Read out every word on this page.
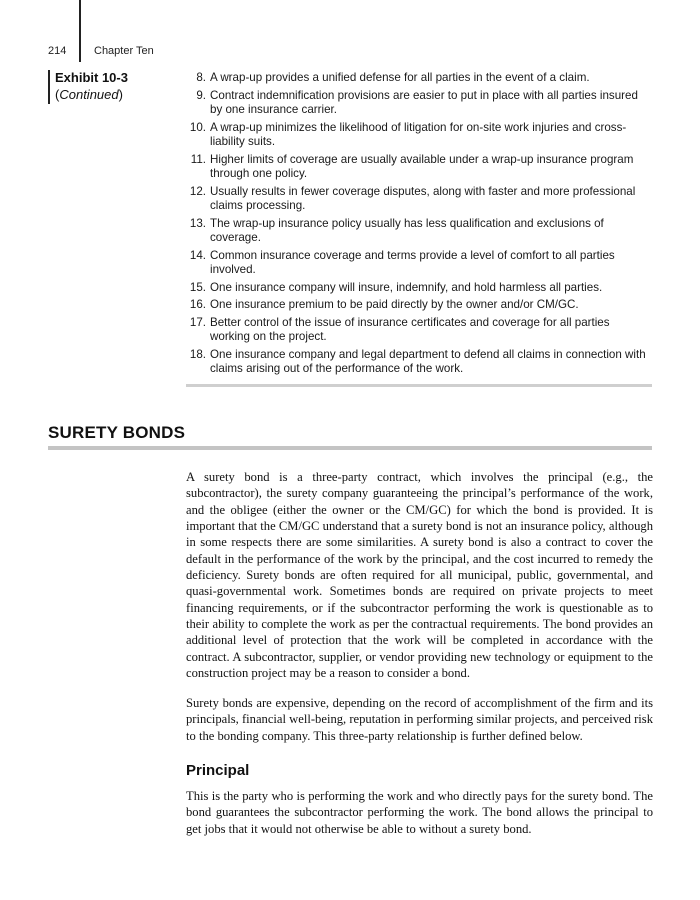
214	Chapter Ten
Exhibit 10-3
(Continued)
8. A wrap-up provides a unified defense for all parties in the event of a claim.
9. Contract indemnification provisions are easier to put in place with all parties insured by one insurance carrier.
10. A wrap-up minimizes the likelihood of litigation for on-site work injuries and cross-liability suits.
11. Higher limits of coverage are usually available under a wrap-up insurance program through one policy.
12. Usually results in fewer coverage disputes, along with faster and more professional claims processing.
13. The wrap-up insurance policy usually has less qualification and exclusions of coverage.
14. Common insurance coverage and terms provide a level of comfort to all parties involved.
15. One insurance company will insure, indemnify, and hold harmless all parties.
16. One insurance premium to be paid directly by the owner and/or CM/GC.
17. Better control of the issue of insurance certificates and coverage for all parties working on the project.
18. One insurance company and legal department to defend all claims in connection with claims arising out of the performance of the work.
SURETY BONDS

A surety bond is a three-party contract, which involves the principal (e.g., the subcontractor), the surety company guaranteeing the principal’s performance of the work, and the obligee (either the owner or the CM/GC) for which the bond is provided. It is important that the CM/GC understand that a surety bond is not an insurance policy, although in some respects there are some similarities. A surety bond is also a contract to cover the default in the performance of the work by the principal, and the cost incurred to remedy the deficiency. Surety bonds are often required for all municipal, public, governmental, and quasi-governmental work. Sometimes bonds are required on private projects to meet financing requirements, or if the subcontractor performing the work is questionable as to their ability to complete the work as per the contractual requirements. The bond provides an additional level of protection that the work will be completed in accordance with the contract. A subcontractor, supplier, or vendor providing new technology or equipment to the construction project may be a reason to consider a bond.

Surety bonds are expensive, depending on the record of accomplishment of the firm and its principals, financial well-being, reputation in performing similar projects, and perceived risk to the bonding company. This three-party relationship is further defined below.

Principal

This is the party who is performing the work and who directly pays for the surety bond. The bond guarantees the subcontractor performing the work. The bond allows the principal to get jobs that it would not otherwise be able to without a surety bond.
